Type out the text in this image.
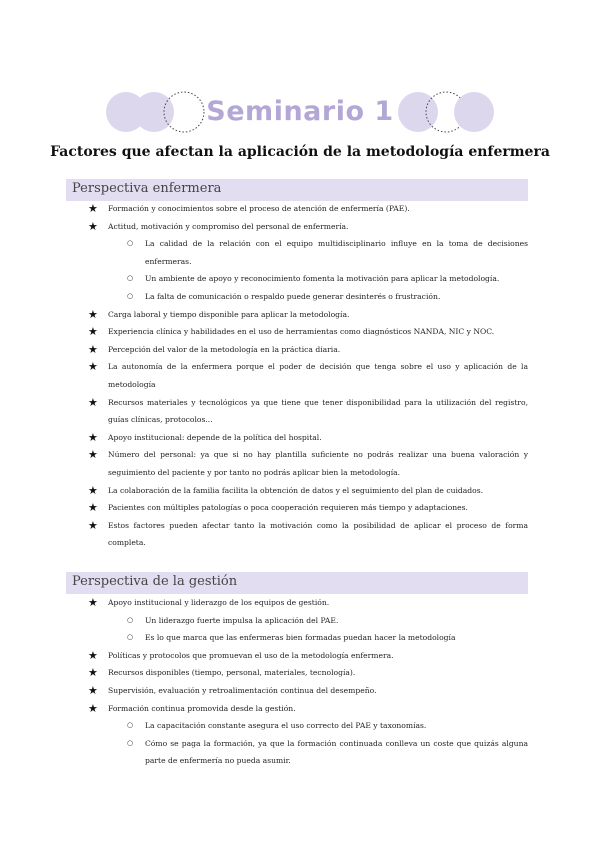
Seminario 1
Factores que afectan la aplicación de la metodología enfermera
Perspectiva enfermera
★ Formación y conocimientos sobre el proceso de atención de enfermería (PAE).
★ Actitud, motivación y compromiso del personal de enfermería.
○ La calidad de la relación con el equipo multidisciplinario influye en la toma de decisiones enfermeras.
○ Un ambiente de apoyo y reconocimiento fomenta la motivación para aplicar la metodología.
○ La falta de comunicación o respaldo puede generar desinterés o frustración.
★ Carga laboral y tiempo disponible para aplicar la metodología.
★ Experiencia clínica y habilidades en el uso de herramientas como diagnósticos NANDA, NIC y NOC.
★ Percepción del valor de la metodología en la práctica diaria.
★ La autonomía de la enfermera porque el poder de decisión que tenga sobre el uso y aplicación de la metodología
★ Recursos materiales y tecnológicos ya que tiene que tener disponibilidad para la utilización del registro, guías clínicas, protocolos...
★ Apoyo institucional: depende de la política del hospital.
★ Número del personal: ya que si no hay plantilla suficiente no podrás realizar una buena valoración y seguimiento del paciente y por tanto no podrás aplicar bien la metodología.
★ La colaboración de la familia facilita la obtención de datos y el seguimiento del plan de cuidados.
★ Pacientes con múltiples patologías o poca cooperación requieren más tiempo y adaptaciones.
★ Estos factores pueden afectar tanto la motivación como la posibilidad de aplicar el proceso de forma completa.
Perspectiva de la gestión
★ Apoyo institucional y liderazgo de los equipos de gestión.
○ Un liderazgo fuerte impulsa la aplicación del PAE.
○ Es lo que marca que las enfermeras bien formadas puedan hacer la metodología
★ Políticas y protocolos que promuevan el uso de la metodología enfermera.
★ Recursos disponibles (tiempo, personal, materiales, tecnología).
★ Supervisión, evaluación y retroalimentación continua del desempeño.
★ Formación continua promovida desde la gestión.
○ La capacitación constante asegura el uso correcto del PAE y taxonomías.
○ Cómo se paga la formación, ya que la formación continuada conlleva un coste que quizás alguna parte de enfermería no pueda asumir.
